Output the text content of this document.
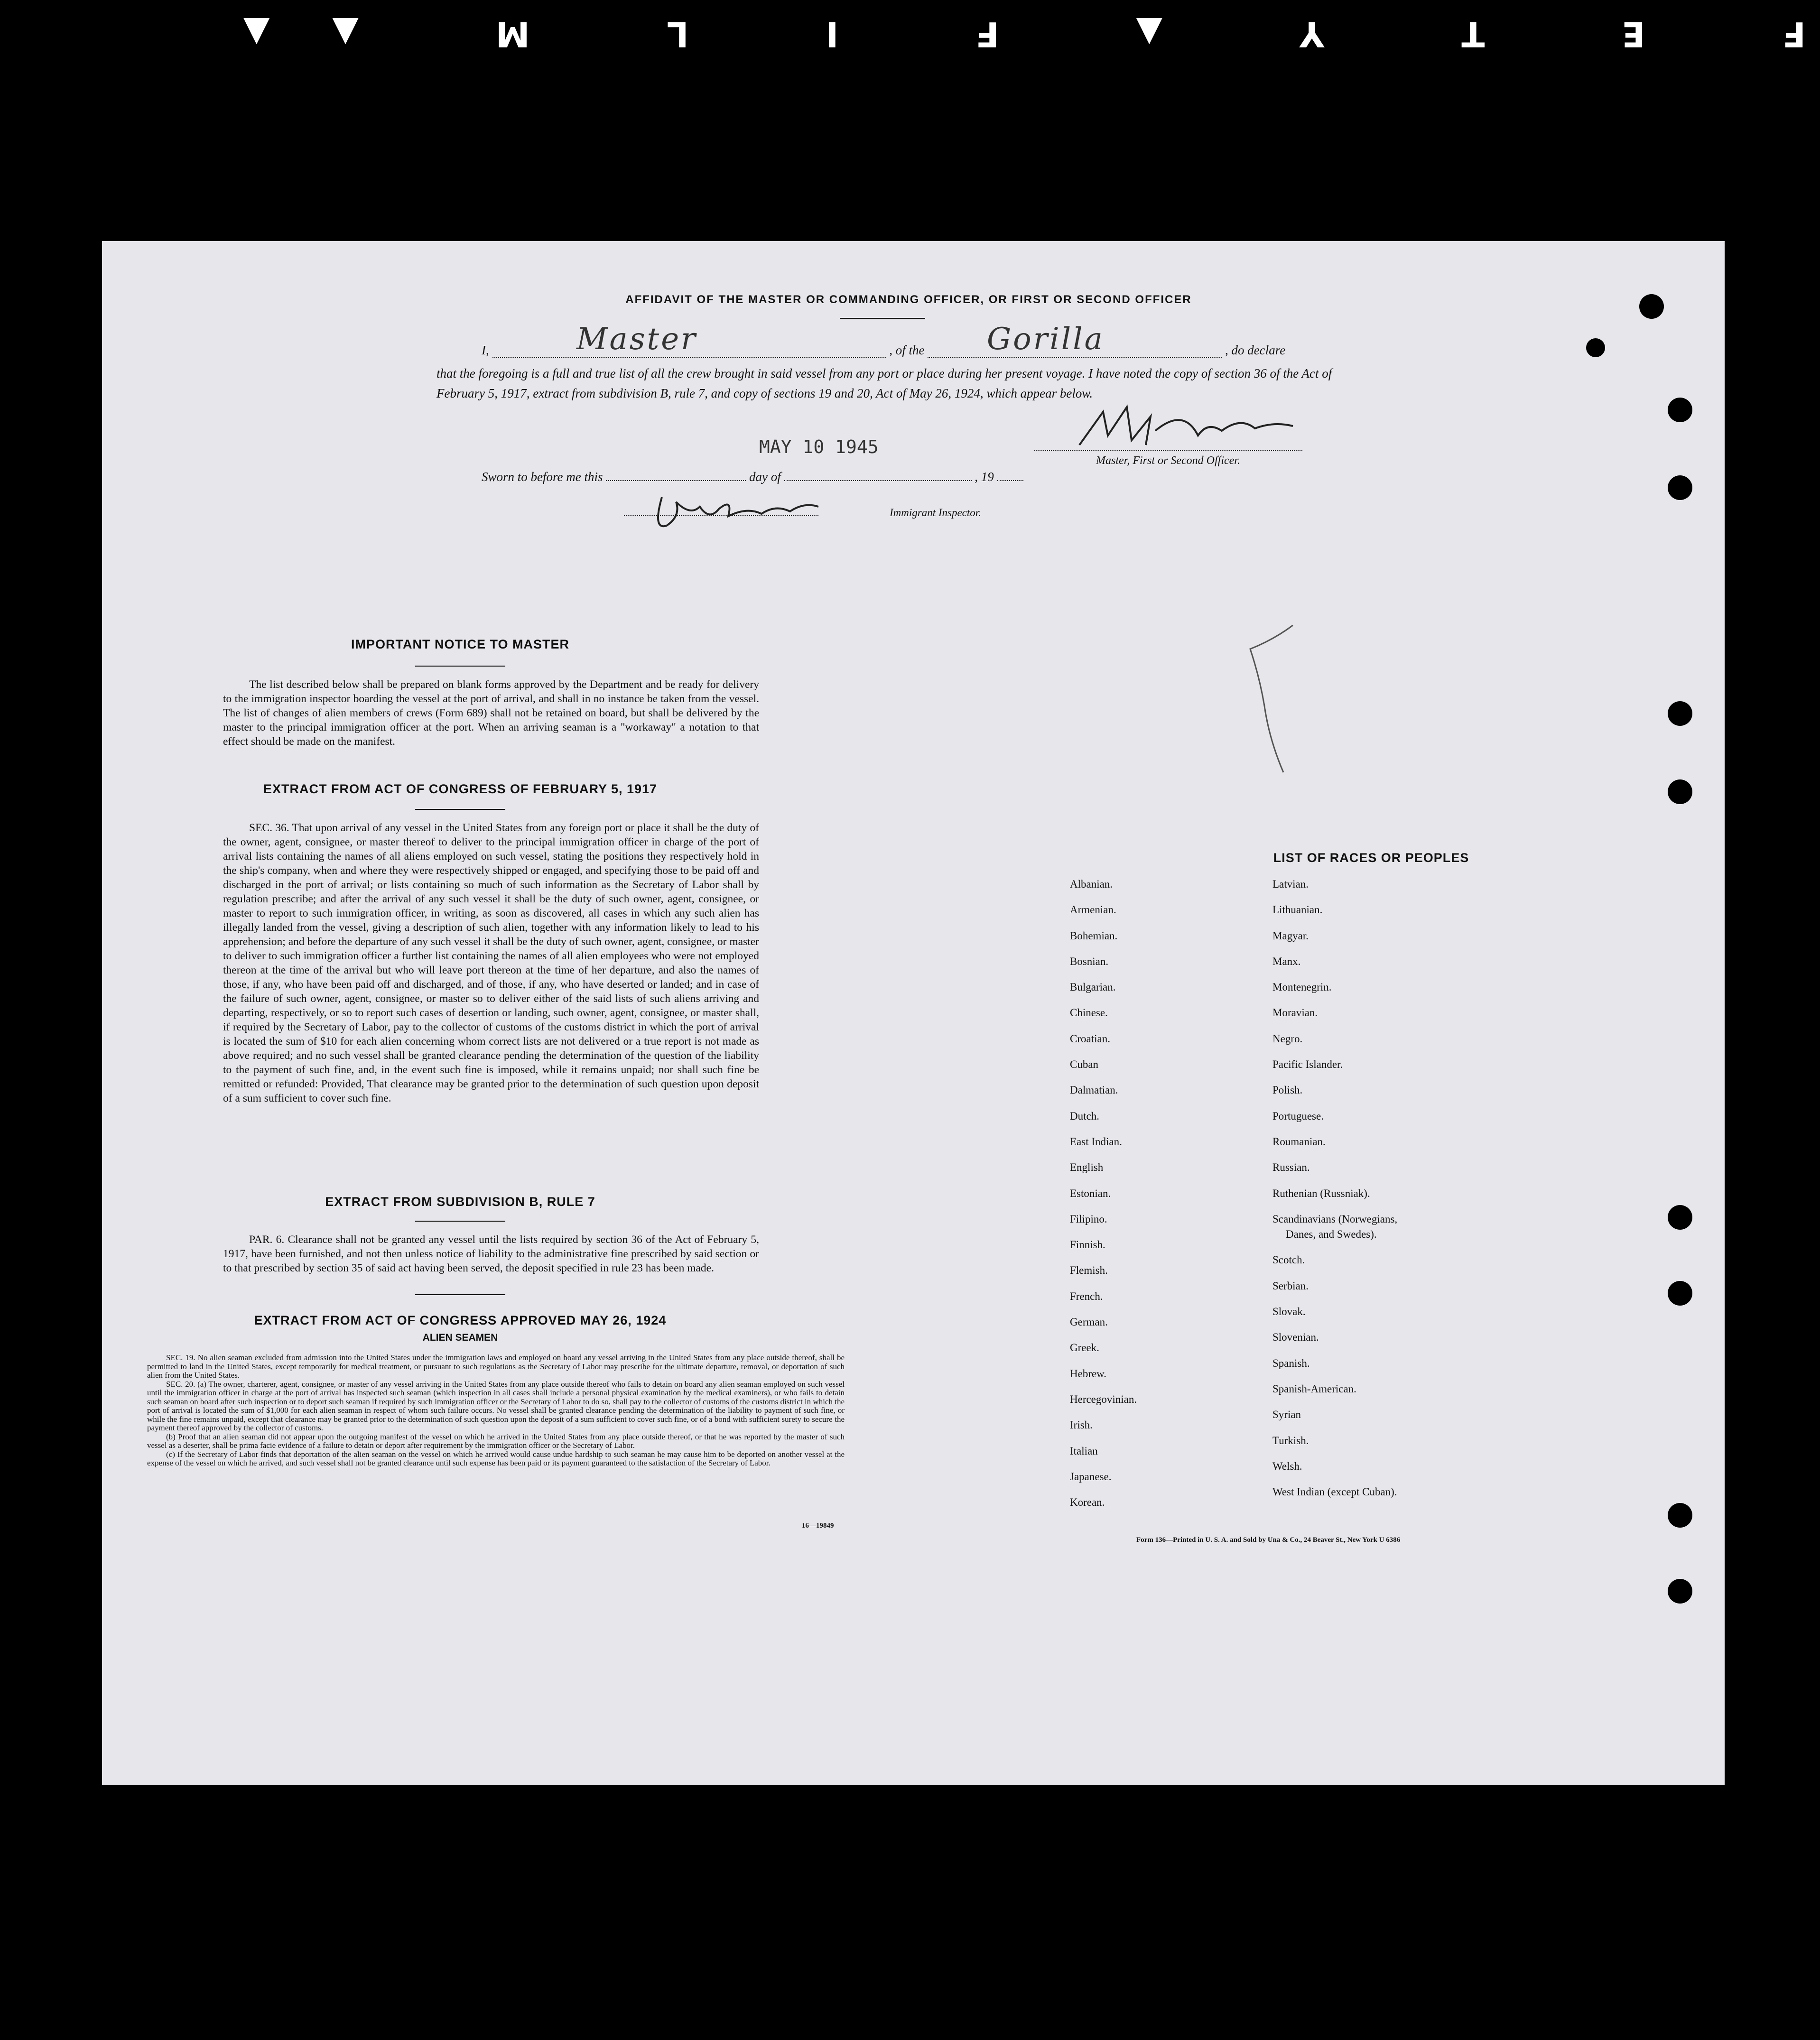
F E T Y ▲ F I L M ▲▲
AFFIDAVIT OF THE MASTER OR COMMANDING OFFICER, OR FIRST OR SECOND OFFICER
I,	, of the	, do declare
Master	Gorilla
that the foregoing is a full and true list of all the crew brought in said vessel from any port or place during her present voyage. I have noted the copy of section 36 of the Act of February 5, 1917, extract from subdivision B, rule 7, and copy of sections 19 and 20, Act of May 26, 1924, which appear below.
Master, First or Second Officer.
MAY 10 1945
Sworn to before me this	day of	, 19
Immigrant Inspector.
IMPORTANT NOTICE TO MASTER
The list described below shall be prepared on blank forms approved by the Department and be ready for delivery to the immigration inspector boarding the vessel at the port of arrival, and shall in no instance be taken from the vessel. The list of changes of alien members of crews (Form 689) shall not be retained on board, but shall be delivered by the master to the principal immigration officer at the port. When an arriving seaman is a "workaway" a notation to that effect should be made on the manifest.
EXTRACT FROM ACT OF CONGRESS OF FEBRUARY 5, 1917
SEC. 36. That upon arrival of any vessel in the United States from any foreign port or place it shall be the duty of the owner, agent, consignee, or master thereof to deliver to the principal immigration officer in charge of the port of arrival lists containing the names of all aliens employed on such vessel, stating the positions they respectively hold in the ship's company, when and where they were respectively shipped or engaged, and specifying those to be paid off and discharged in the port of arrival; or lists containing so much of such information as the Secretary of Labor shall by regulation prescribe; and after the arrival of any such vessel it shall be the duty of such owner, agent, consignee, or master to report to such immigration officer, in writing, as soon as discovered, all cases in which any such alien has illegally landed from the vessel, giving a description of such alien, together with any information likely to lead to his apprehension; and before the departure of any such vessel it shall be the duty of such owner, agent, consignee, or master to deliver to such immigration officer a further list containing the names of all alien employees who were not employed thereon at the time of the arrival but who will leave port thereon at the time of her departure, and also the names of those, if any, who have been paid off and discharged, and of those, if any, who have deserted or landed; and in case of the failure of such owner, agent, consignee, or master so to deliver either of the said lists of such aliens arriving and departing, respectively, or so to report such cases of desertion or landing, such owner, agent, consignee, or master shall, if required by the Secretary of Labor, pay to the collector of customs of the customs district in which the port of arrival is located the sum of $10 for each alien concerning whom correct lists are not delivered or a true report is not made as above required; and no such vessel shall be granted clearance pending the determination of the question of the liability to the payment of such fine, and, in the event such fine is imposed, while it remains unpaid; nor shall such fine be remitted or refunded: Provided, That clearance may be granted prior to the determination of such question upon deposit of a sum sufficient to cover such fine.
EXTRACT FROM SUBDIVISION B, RULE 7
PAR. 6. Clearance shall not be granted any vessel until the lists required by section 36 of the Act of February 5, 1917, have been furnished, and not then unless notice of liability to the administrative fine prescribed by said section or to that prescribed by section 35 of said act having been served, the deposit specified in rule 23 has been made.
EXTRACT FROM ACT OF CONGRESS APPROVED MAY 26, 1924
ALIEN SEAMEN

SEC. 19. No alien seaman excluded from admission into the United States under the immigration laws and employed on board any vessel arriving in the United States from any place outside thereof, shall be permitted to land in the United States, except temporarily for medical treatment, or pursuant to such regulations as the Secretary of Labor may prescribe for the ultimate departure, removal, or deportation of such alien from the United States.

SEC. 20. (a) The owner, charterer, agent, consignee, or master of any vessel arriving in the United States from any place outside thereof who fails to detain on board any alien seaman employed on such vessel until the immigration officer in charge at the port of arrival has inspected such seaman (which inspection in all cases shall include a personal physical examination by the medical examiners), or who fails to detain such seaman on board after such inspection or to deport such seaman if required by such immigration officer or the Secretary of Labor to do so, shall pay to the collector of customs of the customs district in which the port of arrival is located the sum of $1,000 for each alien seaman in respect of whom such failure occurs. No vessel shall be granted clearance pending the determination of the liability to payment of such fine, or while the fine remains unpaid, except that clearance may be granted prior to the determination of such question upon the deposit of a sum sufficient to cover such fine, or of a bond with sufficient surety to secure the payment thereof approved by the collector of customs.

(b) Proof that an alien seaman did not appear upon the outgoing manifest of the vessel on which he arrived in the United States from any place outside thereof, or that he was reported by the master of such vessel as a deserter, shall be prima facie evidence of a failure to detain or deport after requirement by the immigration officer or the Secretary of Labor.

(c) If the Secretary of Labor finds that deportation of the alien seaman on the vessel on which he arrived would cause undue hardship to such seaman he may cause him to be deported on another vessel at the expense of the vessel on which he arrived, and such vessel shall not be granted clearance until such expense has been paid or its payment guaranteed to the satisfaction of the Secretary of Labor.

16—19849
LIST OF RACES OR PEOPLES
Albanian.
Armenian.
Bohemian.
Bosnian.
Bulgarian.
Chinese.
Croatian.
Cuban
Dalmatian.
Dutch.
East Indian.
English
Estonian.
Filipino.
Finnish.
Flemish.
French.
German.
Greek.
Hebrew.
Hercegovinian.
Irish.
Italian
Japanese.
Korean.
Latvian.
Lithuanian.
Magyar.
Manx.
Montenegrin.
Moravian.
Negro.
Pacific Islander.
Polish.
Portuguese.
Roumanian.
Russian.
Ruthenian (Russniak).
Scandinavians (Norwegians,
Danes, and Swedes).
Scotch.
Serbian.
Slovak.
Slovenian.
Spanish.
Spanish-American.
Syrian
Turkish.
Welsh.
West Indian (except Cuban).
Form 136—Printed in U. S. A. and Sold by Una & Co., 24 Beaver St., New York U 6386
